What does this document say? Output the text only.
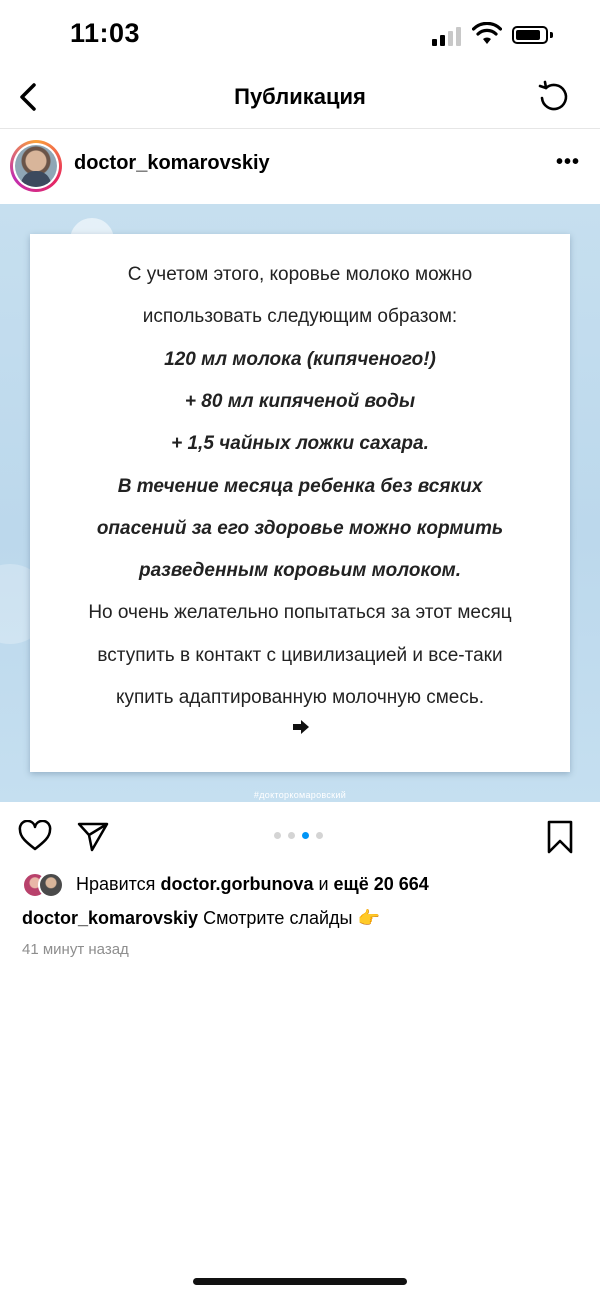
11:03
Публикация
doctor_komarovskiy	•••
С учетом этого, коровье молоко можно
использовать следующим образом:
120 мл молока (кипяченого!)
+ 80 мл кипяченой воды
+ 1,5 чайных ложки сахара.
В течение месяца ребенка без всяких
опасений за его здоровье можно кормить
разведенным коровьим молоком.
Но очень желательно попытаться за этот месяц
вступить в контакт с цивилизацией и все-таки
купить адаптированную молочную смесь.
#докторкомаровский
Нравится doctor.gorbunova и ещё 20 664
doctor_komarovskiy Смотрите слайды 👉
41 минут назад
